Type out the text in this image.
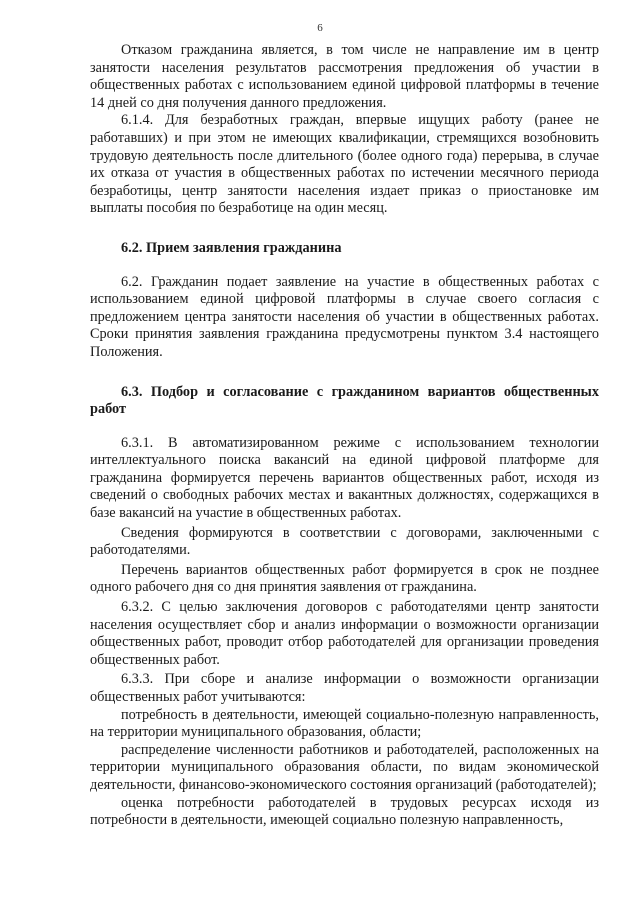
6

Отказом гражданина является, в том числе не направление им в центр занятости населения результатов рассмотрения предложения об участии в общественных работах с использованием единой цифровой платформы в течение 14 дней со дня получения данного предложения.

6.1.4. Для безработных граждан, впервые ищущих работу (ранее не работавших) и при этом не имеющих квалификации, стремящихся возобновить трудовую деятельность после длительного (более одного года) перерыва, в случае их отказа от участия в общественных работах по истечении месячного периода безработицы, центр занятости населения издает приказ о приостановке им выплаты пособия по безработице на один месяц.

6.2. Прием заявления гражданина

6.2. Гражданин подает заявление на участие в общественных работах с использованием единой цифровой платформы в случае своего согласия с предложением центра занятости населения об участии в общественных работах. Сроки принятия заявления гражданина предусмотрены пунктом 3.4 настоящего Положения.

6.3. Подбор и согласование с гражданином вариантов общественных работ

6.3.1. В автоматизированном режиме с использованием технологии интеллектуального поиска вакансий на единой цифровой платформе для гражданина формируется перечень вариантов общественных работ, исходя из сведений о свободных рабочих местах и вакантных должностях, содержащихся в базе вакансий на участие в общественных работах.

Сведения формируются в соответствии с договорами, заключенными с работодателями.

Перечень вариантов общественных работ формируется в срок не позднее одного рабочего дня со дня принятия заявления от гражданина.

6.3.2. С целью заключения договоров с работодателями центр занятости населения осуществляет сбор и анализ информации о возможности организации общественных работ, проводит отбор работодателей для организации проведения общественных работ.

6.3.3. При сборе и анализе информации о возможности организации общественных работ учитываются:

потребность в деятельности, имеющей социально-полезную направленность, на территории муниципального образования, области;

распределение численности работников и работодателей, расположенных на территории муниципального образования области, по видам экономической деятельности, финансово-экономического состояния организаций (работодателей);

оценка потребности работодателей в трудовых ресурсах исходя из потребности в деятельности, имеющей социально полезную направленность,
